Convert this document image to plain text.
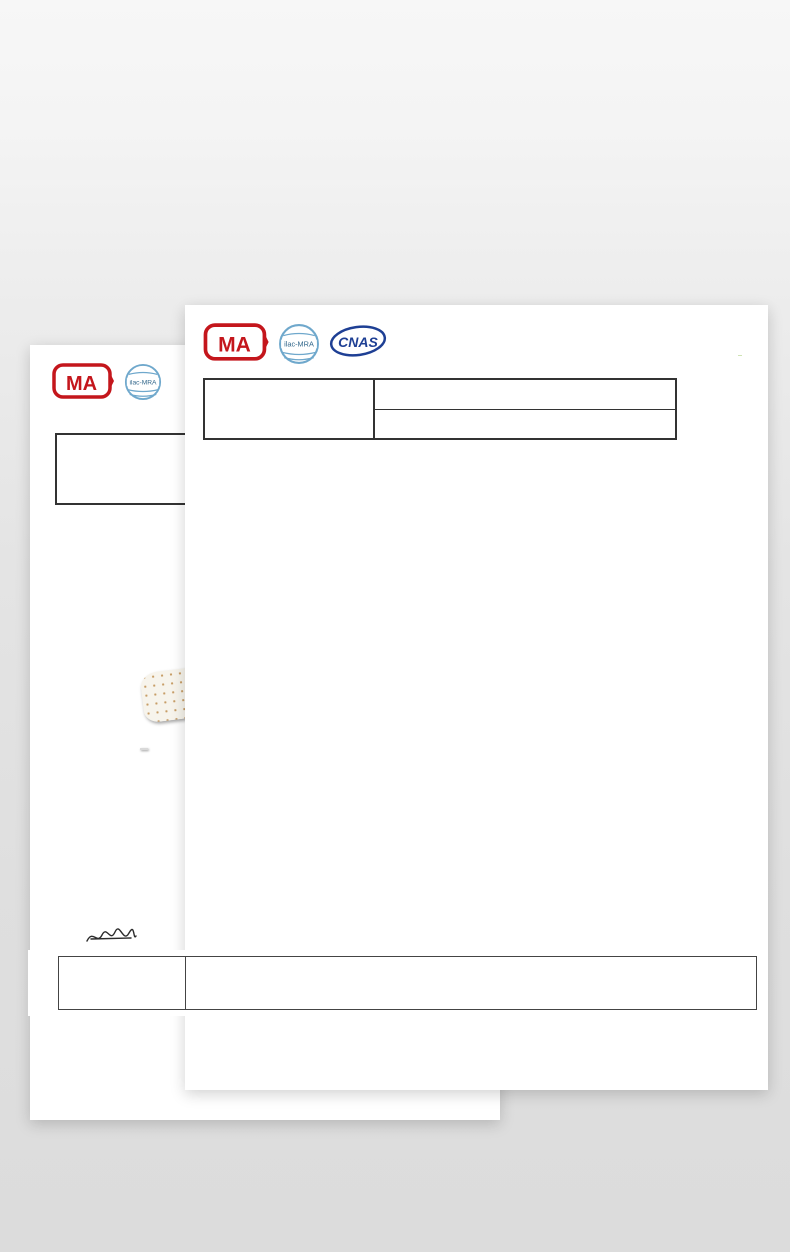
MA	ilac-MRA
MA	ilac-MRA CNAS
